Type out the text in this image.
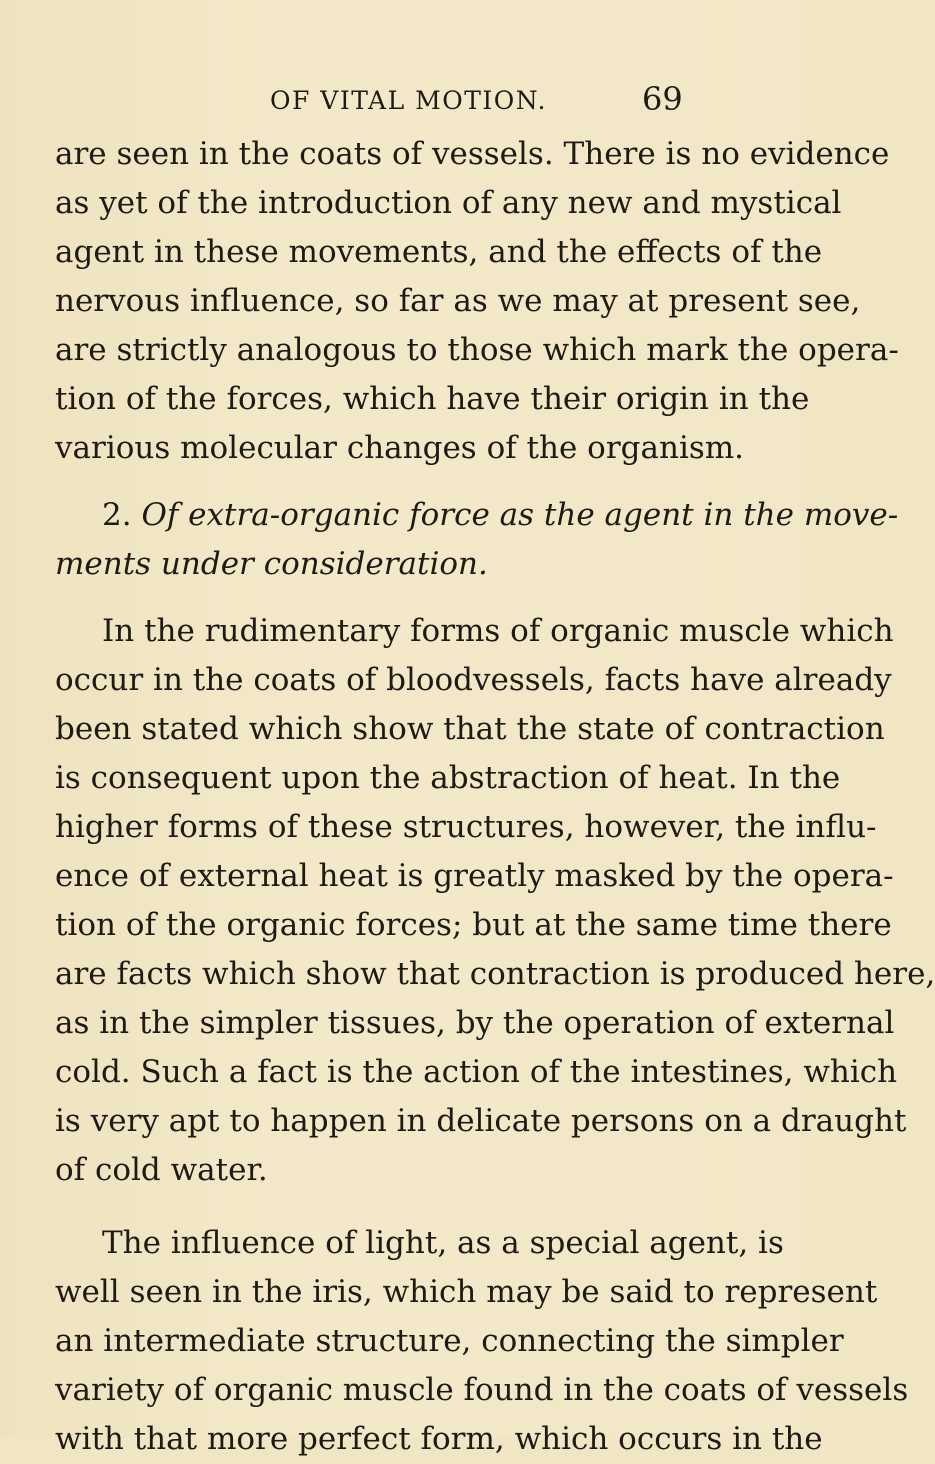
OF VITAL MOTION.	69
are seen in the coats of vessels. There is no evidence
as yet of the introduction of any new and mystical
agent in these movements, and the effects of the
nervous influence, so far as we may at present see,
are strictly analogous to those which mark the opera-
tion of the forces, which have their origin in the
various molecular changes of the organism.
2. Of extra-organic force as the agent in the move-
ments under consideration.
In the rudimentary forms of organic muscle which
occur in the coats of bloodvessels, facts have already
been stated which show that the state of contraction
is consequent upon the abstraction of heat. In the
higher forms of these structures, however, the influ-
ence of external heat is greatly masked by the opera-
tion of the organic forces; but at the same time there
are facts which show that contraction is produced here,
as in the simpler tissues, by the operation of external
cold. Such a fact is the action of the intestines, which
is very apt to happen in delicate persons on a draught
of cold water.
The influence of light, as a special agent, is
well seen in the iris, which may be said to represent
an intermediate structure, connecting the simpler
variety of organic muscle found in the coats of vessels
with that more perfect form, which occurs in the
